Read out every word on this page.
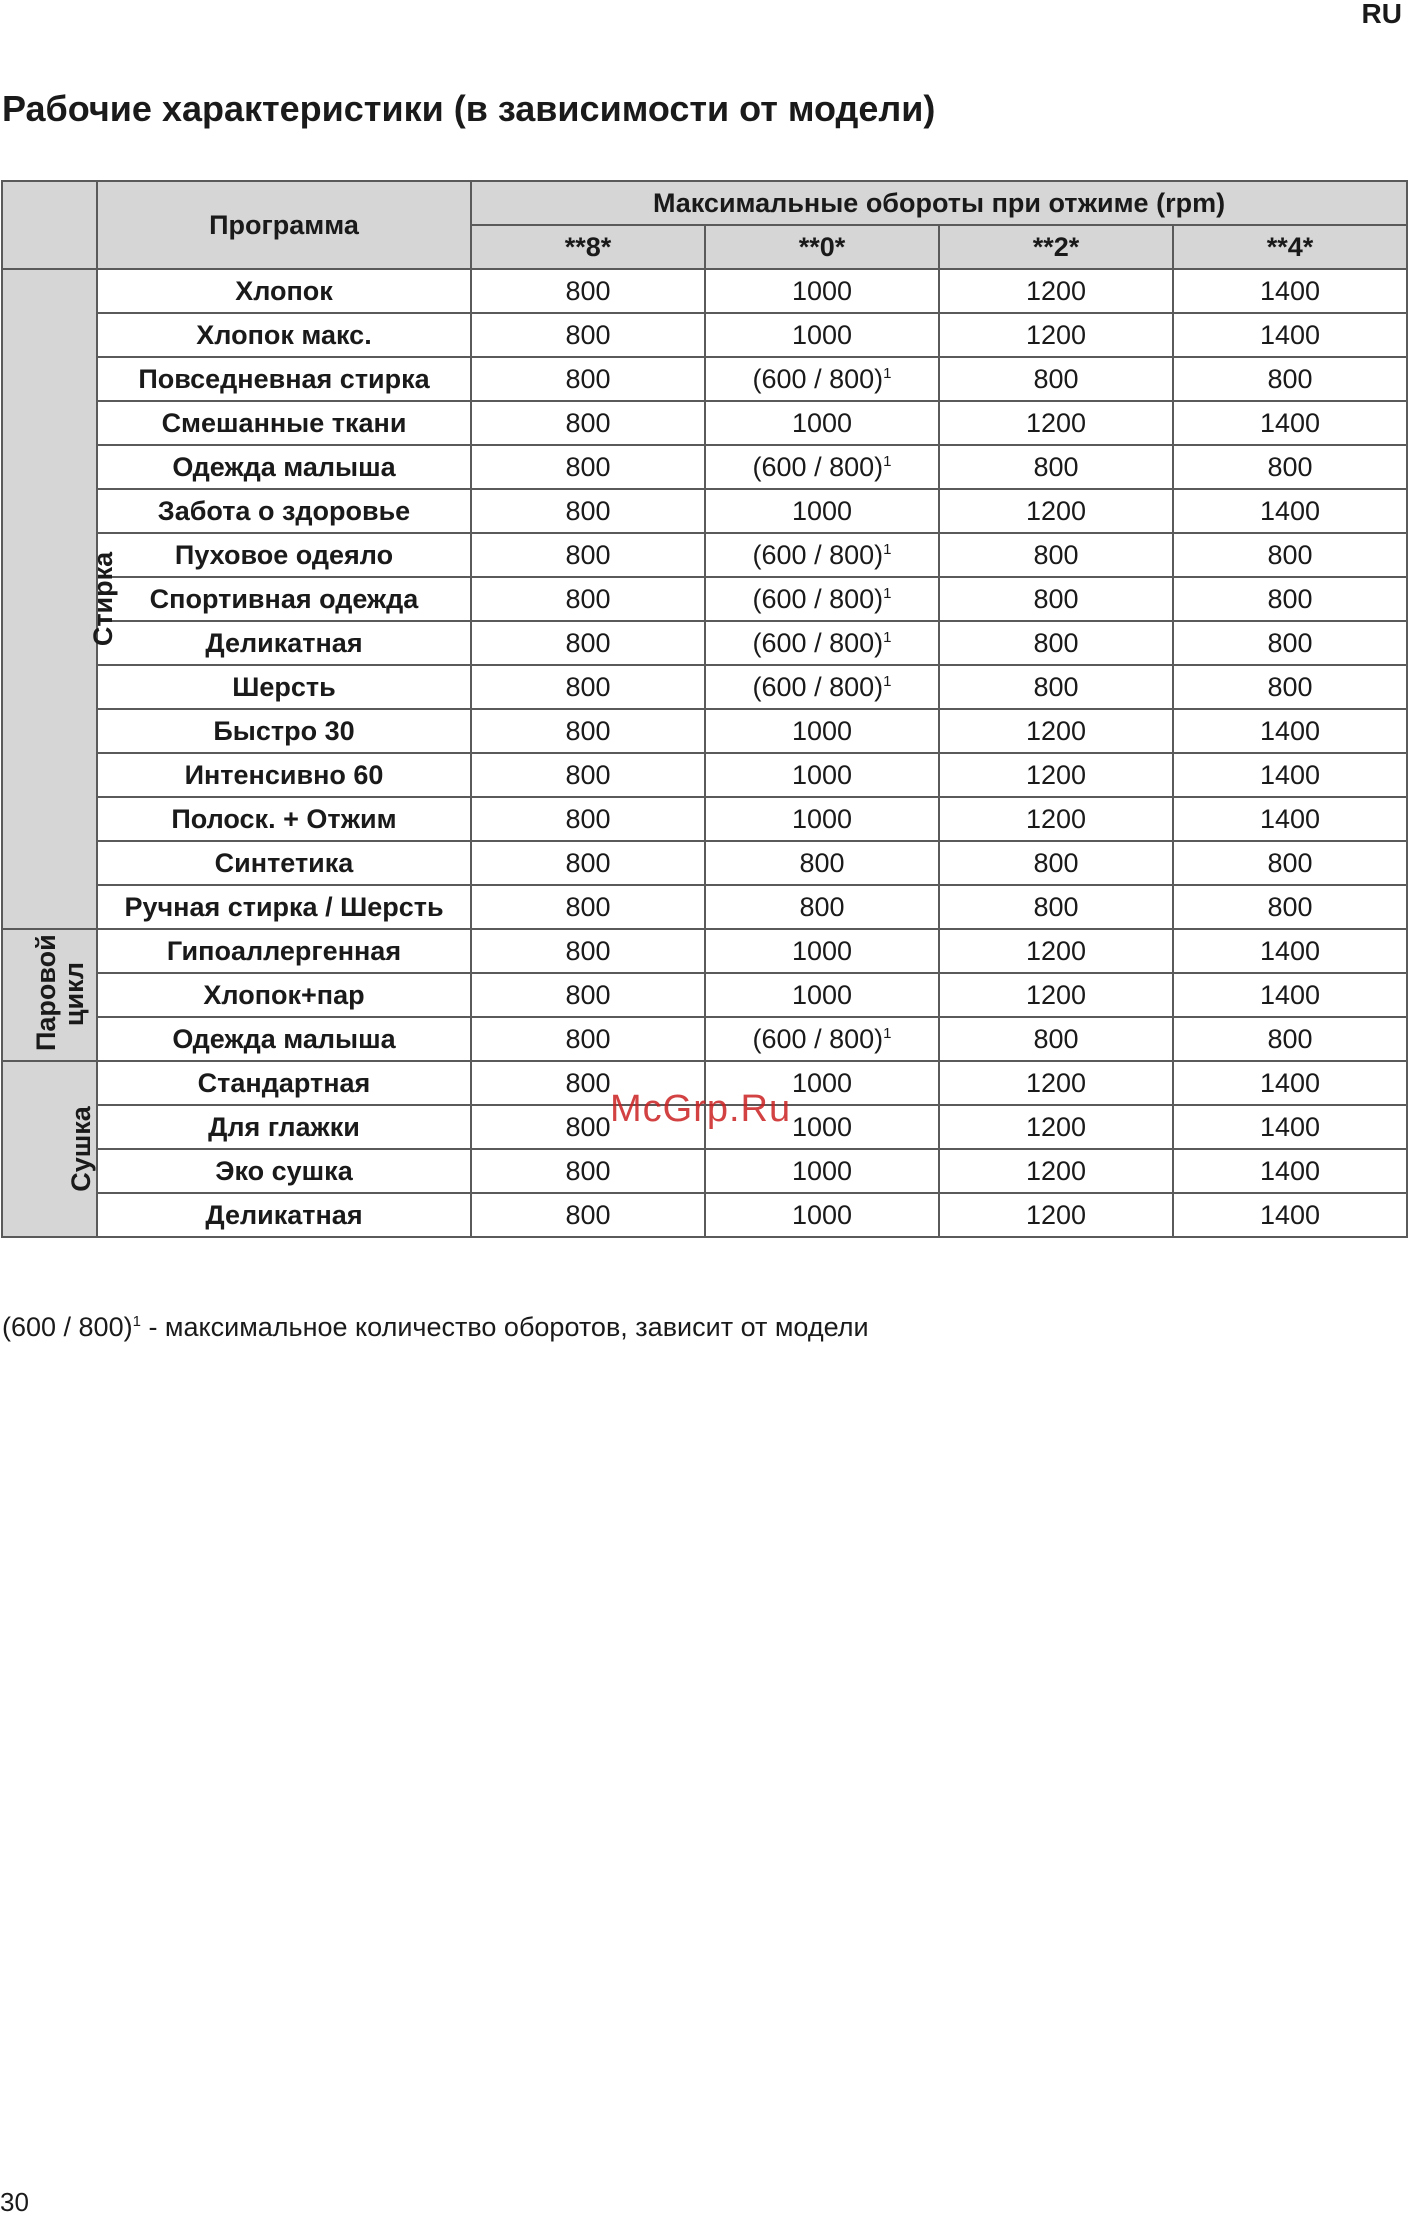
RU
Рабочие характеристики (в зависимости от модели)
	Программа	Максимальные обороты при отжиме (rpm)			
		**8*	**0*	**2*	**4*
Стирка	Хлопок	800	1000	1200	1400
	Хлопок макс.	800	1000	1200	1400
	Повседневная стирка	800	(600 / 800)$^1$	800	800
	Смешанные ткани	800	1000	1200	1400
	Одежда малыша	800	(600 / 800)$^1$	800	800
	Забота о здоровье	800	1000	1200	1400
	Пуховое одеяло	800	(600 / 800)$^1$	800	800
	Спортивная одежда	800	(600 / 800)$^1$	800	800
	Деликатная	800	(600 / 800)$^1$	800	800
	Шерсть	800	(600 / 800)$^1$	800	800
	Быстро 30	800	1000	1200	1400
	Интенсивно 60	800	1000	1200	1400
	Полоск. + Отжим	800	1000	1200	1400
	Синтетика	800	800	800	800
	Ручная стирка / Шерсть	800	800	800	800
Паровой цикл	Гипоаллергенная	800	1000	1200	1400
	Хлопок+пар	800	1000	1200	1400
	Одежда малыша	800	(600 / 800)$^1$	800	800
Сушка	Стандартная	800	1000	1200	1400
	Для глажки	800	1000	1200	1400
	Эко сушка	800	1000	1200	1400
	Деликатная	800	1000	1200	1400
(600 / 800)$^1$ - максимальное количество оборотов, зависит от модели
McGrp.Ru
30
